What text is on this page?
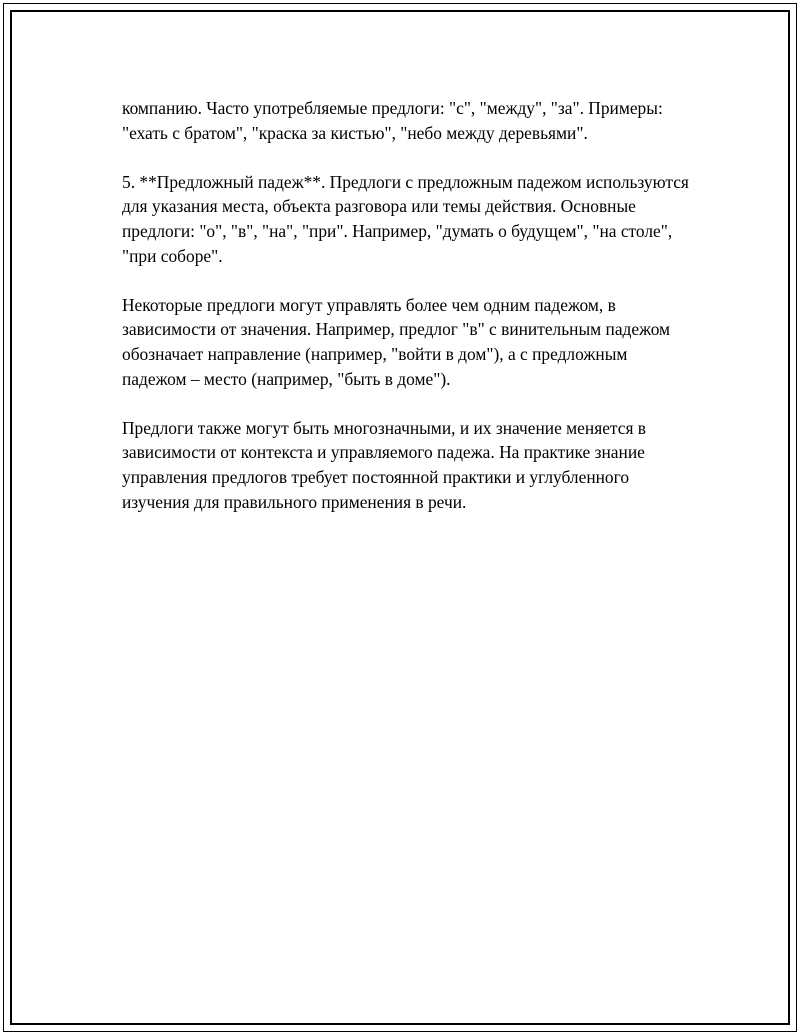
компанию. Часто употребляемые предлоги: "с", "между", "за". Примеры: "ехать с братом", "краска за кистью", "небо между деревьями".

5. **Предложный падеж**. Предлоги с предложным падежом используются для указания места, объекта разговора или темы действия. Основные предлоги: "о", "в", "на", "при". Например, "думать о будущем", "на столе", "при соборе".

Некоторые предлоги могут управлять более чем одним падежом, в зависимости от значения. Например, предлог "в" с винительным падежом обозначает направление (например, "войти в дом"), а с предложным падежом – место (например, "быть в доме").

Предлоги также могут быть многозначными, и их значение меняется в зависимости от контекста и управляемого падежа. На практике знание управления предлогов требует постоянной практики и углубленного изучения для правильного применения в речи.
